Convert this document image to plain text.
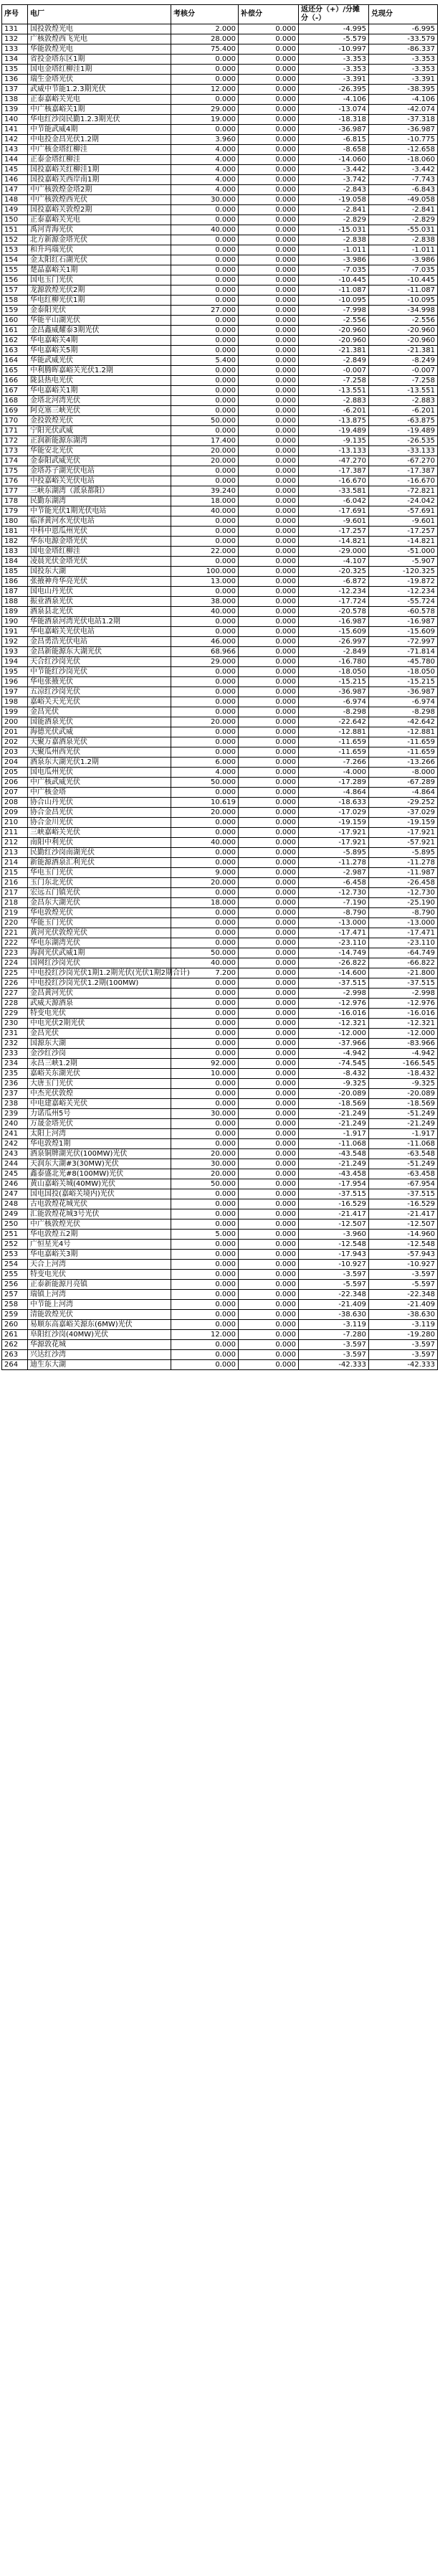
序号	电厂	考核分	补偿分	返还分（+）/分摊分（-）	兑现分
131	国投敦煌光电	2.000	0.000	-4.995	-6.995
132	广核敦煌西飞光电	28.000	0.000	-5.579	-33.579
133	华能敦煌光电	75.400	0.000	-10.997	-86.337
134	省投金塔东区1期	0.000	0.000	-3.353	-3.353
135	国电金塔红柳洼1期	0.000	0.000	-3.353	-3.353
136	瑞生金塔光伏	0.000	0.000	-3.391	-3.391
137	武威中节能1.2.3期光伏	12.000	0.000	-26.395	-38.395
138	正泰嘉峪关光电	0.000	0.000	-4.106	-4.106
139	中广核嘉峪关1期	29.000	0.000	-13.074	-42.074
140	华电红沙岗民勤1.2.3期光伏	19.000	0.000	-18.318	-37.318
141	中节能武威4期	0.000	0.000	-36.987	-36.987
142	中电投金昌光伏1.2期	3.960	0.000	-6.815	-10.775
143	中广核金塔红柳洼	4.000	0.000	-8.658	-12.658
144	正泰金塔红柳洼	4.000	0.000	-14.060	-18.060
145	国投嘉峪关红柳洼1期	4.000	0.000	-3.442	-3.442
146	国投嘉峪关西岸南1期	4.000	0.000	-3.742	-7.743
147	中广核敦煌金塔2期	4.000	0.000	-2.843	-6.843
148	中广核敦煌西光伏	30.000	0.000	-19.058	-49.058
149	国投嘉峪关敦煌2期	0.000	0.000	-2.841	-2.841
150	正泰嘉峪关光电	0.000	0.000	-2.829	-2.829
151	禹河青海光伏	40.000	0.000	-15.031	-55.031
152	北方新源金塔光伏	0.000	0.000	-2.838	-2.838
153	和升玛瑙光伏	0.000	0.000	-1.011	-1.011
154	金太阳红石湖光伏	0.000	0.000	-3.986	-3.986
155	楚晶嘉峪关1期	0.000	0.000	-7.035	-7.035
156	国电玉门光伏	0.000	0.000	-10.445	-10.445
157	龙源敦煌光伏2期	0.000	0.000	-11.087	-11.087
158	华电红柳光伏1期	0.000	0.000	-10.095	-10.095
159	金泰阳光伏	27.000	0.000	-7.998	-34.998
160	华能平山湖光伏	0.000	0.000	-2.556	-2.556
161	金昌鑫威耀泰3期光伏	0.000	0.000	-20.960	-20.960
162	华电嘉峪关4期	0.000	0.000	-20.960	-20.960
163	华电嘉峪关5期	0.000	0.000	-21.381	-21.381
164	华能武威光伏	5.400	0.000	-2.849	-8.249
165	中利腾晖嘉峪关光伏1.2期	0.000	0.000	-0.007	-0.007
166	陇县热电光伏	0.000	0.000	-7.258	-7.258
167	华电嘉峪关1期	0.000	0.000	-13.551	-13.551
168	金塔北河湾光伏	0.000	0.000	-2.883	-2.883
169	阿克塞三峡光伏	0.000	0.000	-6.201	-6.201
170	金投敦煌光伏	50.000	0.000	-13.875	-63.875
171	宁阳光伏武威	0.000	0.000	-19.489	-19.489
172	正润新能源东湖湾	17.400	0.000	-9.135	-26.535
173	华能安北光伏	20.000	0.000	-13.133	-33.133
174	金泰阳武威光伏	20.000	0.000	-47.270	-67.270
175	金塔苏子湖光伏电站	0.000	0.000	-17.387	-17.387
176	中投嘉峪关光伏电站	0.000	0.000	-16.670	-16.670
177	三峡东湖湾（派泉都阳）	39.240	0.000	-33.581	-72.821
178	民勤东湖湾	18.000	0.000	-6.042	-24.042
179	中节能光伏1期光伏电站	40.000	0.000	-17.691	-57.691
180	临泽黄河水光伏电站	0.000	0.000	-9.601	-9.601
181	中科中恩瓜州光伏	0.000	0.000	-17.257	-17.257
182	华东电源金塔光伏	0.000	0.000	-14.821	-14.821
183	国电金塔红柳洼	22.000	0.000	-29.000	-51.000
184	凌晨光伏金塔光伏	0.000	0.000	-4.107	-5.907
185	国投东大湖	100.000	0.000	-20.325	-120.325
186	张掖神舟华亮光伏	13.000	0.000	-6.872	-19.872
187	国电山丹光伏	0.000	0.000	-12.234	-12.234
188	振业酒泉光伏	38.000	0.000	-17.724	-55.724
189	酒泉县北光伏	40.000	0.000	-20.578	-60.578
190	华能酒泉河湾光伏电站1.2期	0.000	0.000	-16.987	-16.987
191	华电嘉峪关光伏电站	0.000	0.000	-15.609	-15.609
192	金昌勇浩光伏电站	46.000	0.000	-26.997	-72.997
193	金昌新能源东大湖光伏	68.966	0.000	-2.849	-71.814
194	天合红沙岗光伏	29.000	0.000	-16.780	-45.780
195	中节能红沙岗光伏	0.000	0.000	-18.050	-18.050
196	华电张掖光伏	0.000	0.000	-15.215	-15.215
197	五凉红沙岗光伏	0.000	0.000	-36.987	-36.987
198	嘉峪关天光光伏	0.000	0.000	-6.974	-6.974
199	金昌光伏	0.000	0.000	-8.298	-8.298
200	国能酒泉光伏	20.000	0.000	-22.642	-42.642
201	海德光伏武威	0.000	0.000	-12.881	-12.881
202	天聚万嘉酒泉光伏	0.000	0.000	-11.659	-11.659
203	天聚瓜州西光伏	0.000	0.000	-11.659	-11.659
204	酒泉东大湖光伏1.2期	6.000	0.000	-7.266	-13.266
205	国电瓜州光伏	4.000	0.000	-4.000	-8.000
206	中广核武威光伏	50.000	0.000	-17.289	-67.289
207	中广核金塔	0.000	0.000	-4.864	-4.864
208	协合山丹光伏	10.619	0.000	-18.633	-29.252
209	协合金昌光伏	20.000	0.000	-17.029	-37.029
210	协合金川光伏	0.000	0.000	-19.159	-19.159
211	三峡嘉峪关光伏	0.000	0.000	-17.921	-17.921
212	南阳中利光伏	40.000	0.000	-17.921	-57.921
213	民勤红沙岗南湖光伏	0.000	0.000	-5.895	-5.895
214	新能源酒泉汇利光伏	0.000	0.000	-11.278	-11.278
215	华电玉门光伏	9.000	0.000	-2.987	-11.987
216	玉门东北光伏	20.000	0.000	-6.458	-26.458
217	宏远五门镇光伏	0.000	0.000	-12.730	-12.730
218	金昌东大湖光伏	18.000	0.000	-7.190	-25.190
219	华电敦煌光伏	0.000	0.000	-8.790	-8.790
220	华能玉门光伏	0.000	0.000	-13.000	-13.000
221	黄河光伏敦煌光伏	0.000	0.000	-17.471	-17.471
222	华电东湖湾光伏	0.000	0.000	-23.110	-23.110
223	海润光伏武威1期	50.000	0.000	-14.749	-64.749
224	国网红沙岗光伏	40.000	0.000	-26.822	-66.822
225	中电投红沙岗光伏1期1.2期光伏(光伏1期2期合计)	7.200	0.000	-14.600	-21.800
226	中电投红沙岗光伏1.2期(100MW)	0.000	0.000	-37.515	-37.515
227	金昌黄河光伏	0.000	0.000	-2.998	-2.998
228	武威天源酒泉	0.000	0.000	-12.976	-12.976
229	特变电光伏	0.000	0.000	-16.016	-16.016
230	中电光伏2期光伏	0.000	0.000	-12.321	-12.321
231	金昌光伏	0.000	0.000	-12.000	-12.000
232	国源东大湖	0.000	0.000	-37.966	-83.966
233	金沙红沙岗	0.000	0.000	-4.942	-4.942
234	永昌三峡1.2期	92.000	0.000	-74.545	-166.545
235	嘉峪关东湖光伏	10.000	0.000	-8.432	-18.432
236	大唐玉门光伏	0.000	0.000	-9.325	-9.325
237	中杰光伏敦煌	0.000	0.000	-20.089	-20.089
238	中电建嘉峪关光伏	0.000	0.000	-18.569	-18.569
239	力诺瓜州5号	30.000	0.000	-21.249	-51.249
240	万晟金塔光伏	0.000	0.000	-21.249	-21.249
241	太阳上河湾	0.000	0.000	-1.917	-1.917
242	华电敦煌1期	0.000	0.000	-11.068	-11.068
243	酒泉铜牌湖光伏(100MW)光伏	20.000	0.000	-43.548	-63.548
244	天润东大湖#3(30MW)光伏	30.000	0.000	-21.249	-51.249
245	鑫泰盛北光#8(100MW)光伏	20.000	0.000	-43.458	-63.458
246	黄山嘉峪关城(40MW)光伏	50.000	0.000	-17.954	-67.954
247	国电国投(嘉峪关境内)光伏	0.000	0.000	-37.515	-37.515
248	古电敦煌花城光伏	0.000	0.000	-16.529	-16.529
249	汇能敦煌花城3号光伏	0.000	0.000	-21.417	-21.417
250	中广核敦煌光伏	0.000	0.000	-12.507	-12.507
251	华电敦煌五2期	5.000	0.000	-3.960	-14.960
252	广恒星光4号	0.000	0.000	-12.548	-12.548
253	华电嘉峪关3期	0.000	0.000	-17.943	-57.943
254	天合上河湾	0.000	0.000	-10.927	-10.927
255	特变电光伏	0.000	0.000	-3.597	-3.597
256	正泰新能源月亮镇	0.000	0.000	-5.597	-5.597
257	瑞镇上河湾	0.000	0.000	-22.348	-22.348
258	中节能上河湾	0.000	0.000	-21.409	-21.409
259	清能敦煌光伏	0.000	0.000	-38.630	-38.630
260	易顺东高嘉峪关源东(6MW)光伏	0.000	0.000	-3.119	-3.119
261	阜阳红沙岗(40MW)光伏	12.000	0.000	-7.280	-19.280
262	华源敦花城	0.000	0.000	-3.597	-3.597
263	兴达红沙湾	0.000	0.000	-3.597	-3.597
264	迪生东大湖	0.000	0.000	-42.333	-42.333
